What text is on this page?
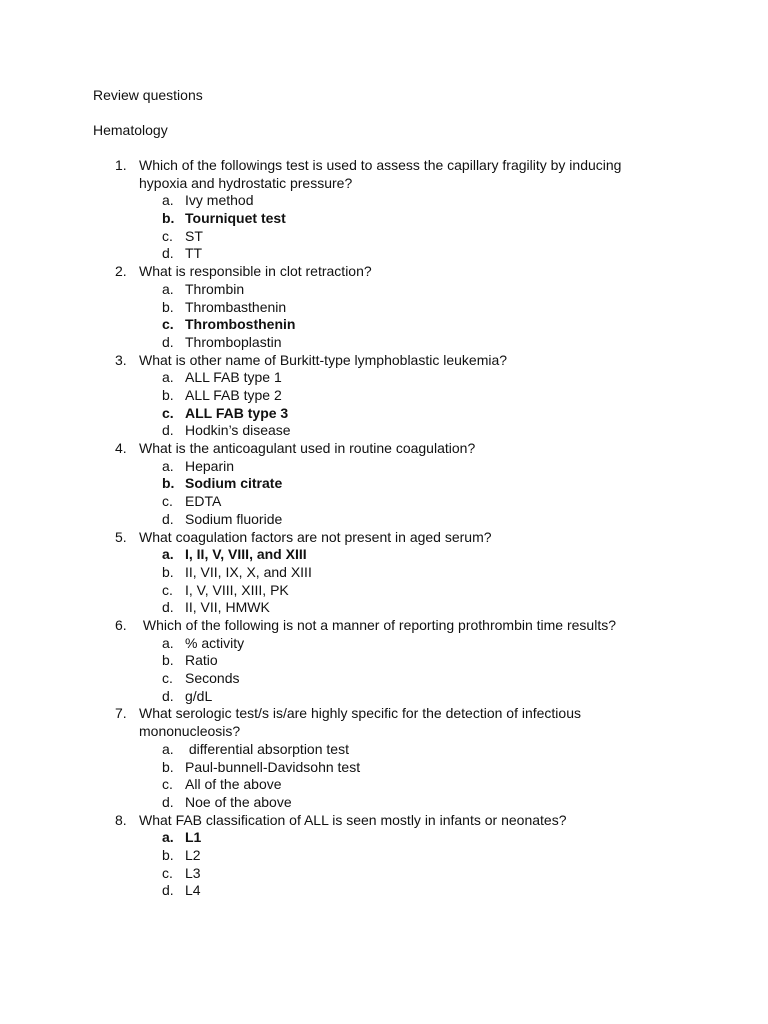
Review questions
Hematology
1. Which of the followings test is used to assess the capillary fragility by inducing hypoxia and hydrostatic pressure?
a. Ivy method
b. Tourniquet test
c. ST
d. TT
2. What is responsible in clot retraction?
a. Thrombin
b. Thrombasthenin
c. Thrombosthenin
d. Thromboplastin
3. What is other name of Burkitt-type lymphoblastic leukemia?
a. ALL FAB type 1
b. ALL FAB type 2
c. ALL FAB type 3
d. Hodkin’s disease
4. What is the anticoagulant used in routine coagulation?
a. Heparin
b. Sodium citrate
c. EDTA
d. Sodium fluoride
5. What coagulation factors are not present in aged serum?
a. I, II, V, VIII, and XIII
b. II, VII, IX, X, and XIII
c. I, V, VIII, XIII, PK
d. II, VII, HMWK
6. Which of the following is not a manner of reporting prothrombin time results?
a. % activity
b. Ratio
c. Seconds
d. g/dL
7. What serologic test/s is/are highly specific for the detection of infectious mononucleosis?
a. differential absorption test
b. Paul-bunnell-Davidsohn test
c. All of the above
d. Noe of the above
8. What FAB classification of ALL is seen mostly in infants or neonates?
a. L1
b. L2
c. L3
d. L4
